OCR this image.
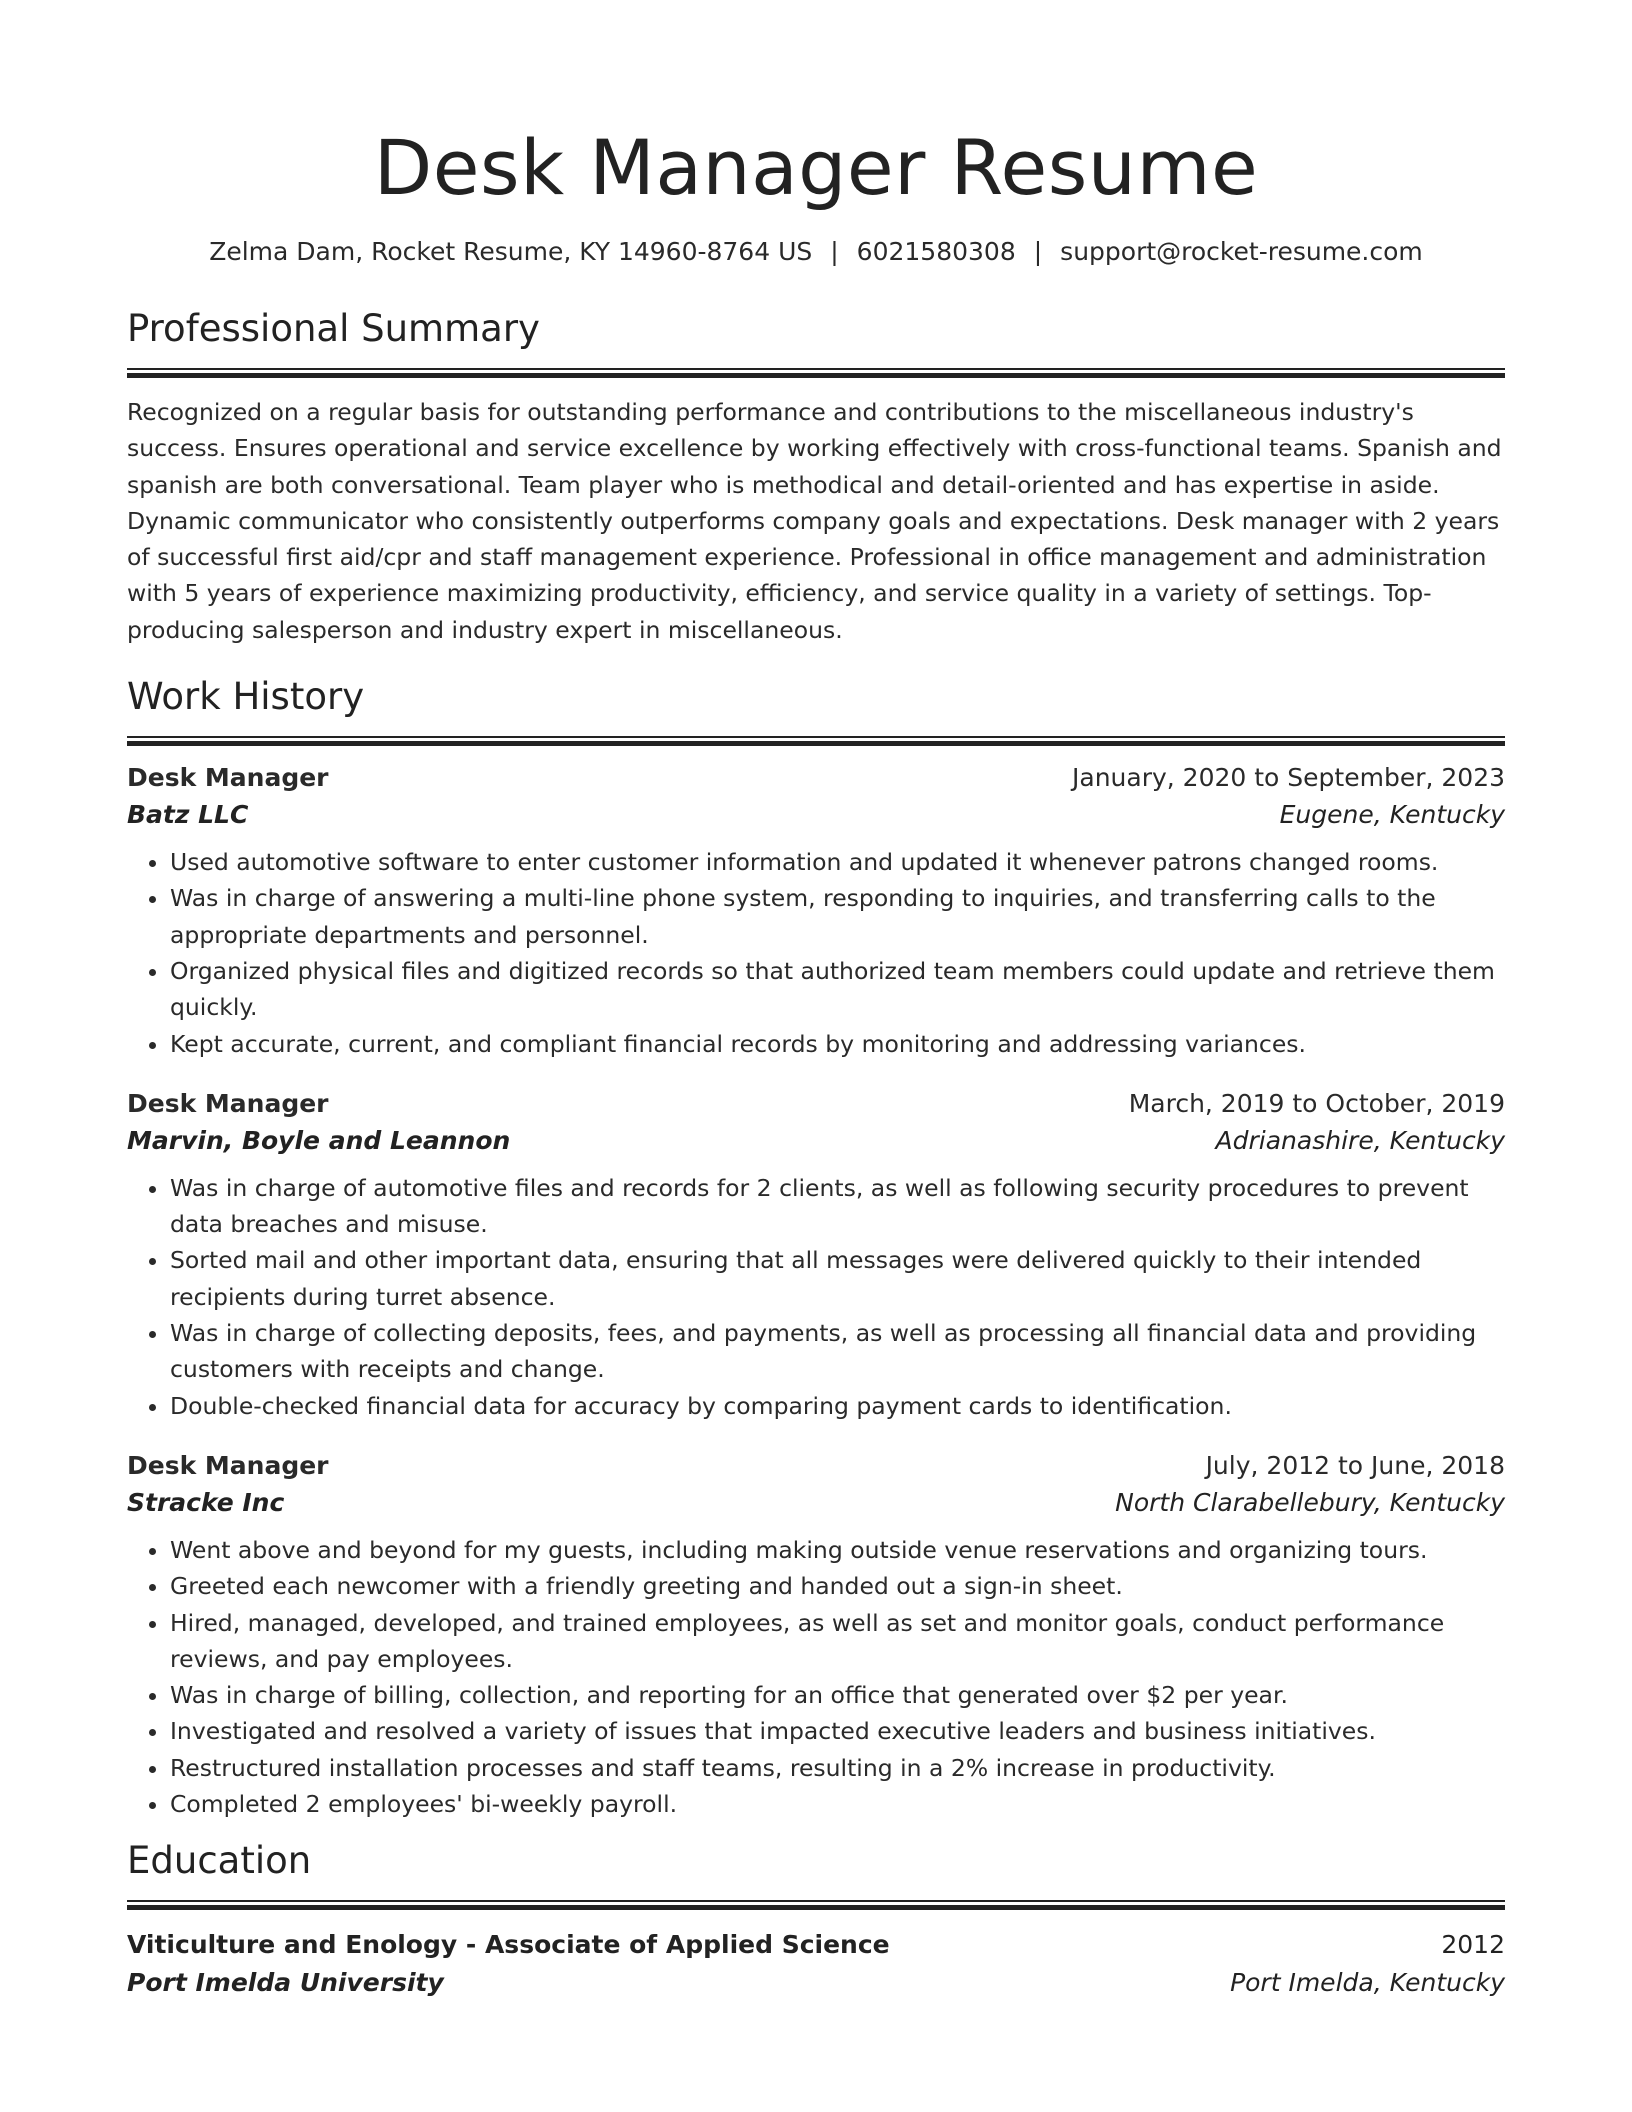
Desk Manager Resume
Zelma Dam, Rocket Resume, KY 14960-8764 US | 6021580308 | support@rocket-resume.com
Professional Summary

Recognized on a regular basis for outstanding performance and contributions to the miscellaneous industry's success. Ensures operational and service excellence by working effectively with cross-functional teams. Spanish and spanish are both conversational. Team player who is methodical and detail-oriented and has expertise in aside. Dynamic communicator who consistently outperforms company goals and expectations. Desk manager with 2 years of successful first aid/cpr and staff management experience. Professional in office management and administration with 5 years of experience maximizing productivity, efficiency, and service quality in a variety of settings. Top-producing salesperson and industry expert in miscellaneous.

Work History
Desk Manager	January, 2020 to September, 2023
Batz LLC	Eugene, Kentucky
• Used automotive software to enter customer information and updated it whenever patrons changed rooms.
• Was in charge of answering a multi-line phone system, responding to inquiries, and transferring calls to the appropriate departments and personnel.
• Organized physical files and digitized records so that authorized team members could update and retrieve them quickly.
• Kept accurate, current, and compliant financial records by monitoring and addressing variances.
Desk Manager	March, 2019 to October, 2019
Marvin, Boyle and Leannon	Adrianashire, Kentucky
• Was in charge of automotive files and records for 2 clients, as well as following security procedures to prevent data breaches and misuse.
• Sorted mail and other important data, ensuring that all messages were delivered quickly to their intended recipients during turret absence.
• Was in charge of collecting deposits, fees, and payments, as well as processing all financial data and providing customers with receipts and change.
• Double-checked financial data for accuracy by comparing payment cards to identification.
Desk Manager	July, 2012 to June, 2018
Stracke Inc	North Clarabellebury, Kentucky
• Went above and beyond for my guests, including making outside venue reservations and organizing tours.
• Greeted each newcomer with a friendly greeting and handed out a sign-in sheet.
• Hired, managed, developed, and trained employees, as well as set and monitor goals, conduct performance reviews, and pay employees.
• Was in charge of billing, collection, and reporting for an office that generated over $2 per year.
• Investigated and resolved a variety of issues that impacted executive leaders and business initiatives.
• Restructured installation processes and staff teams, resulting in a 2% increase in productivity.
• Completed 2 employees' bi-weekly payroll.
Education
Viticulture and Enology - Associate of Applied Science	2012
Port Imelda University	Port Imelda, Kentucky
